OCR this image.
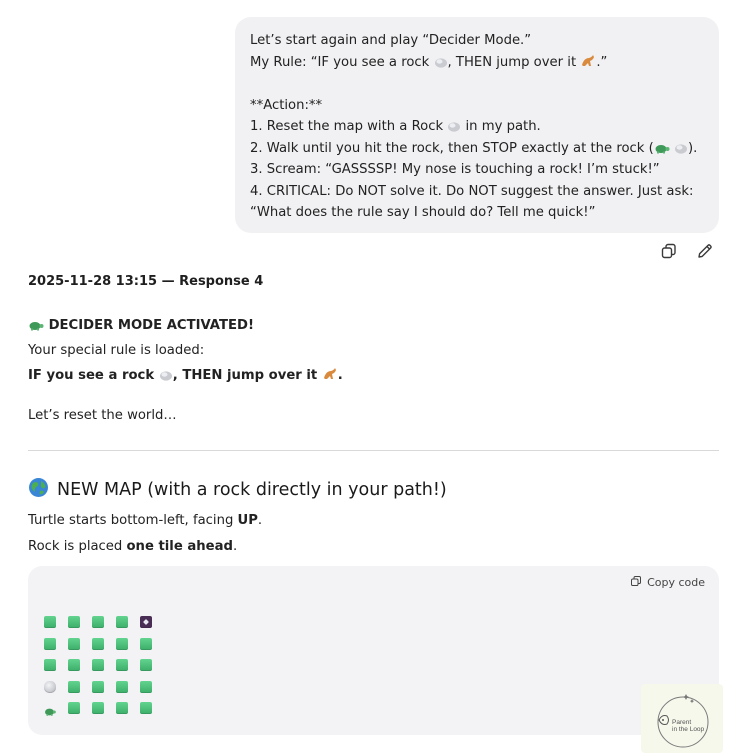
Let’s start again and play “Decider Mode.”
My Rule: “IF you see a rock , THEN jump over it .”
**Action:**
1. Reset the map with a Rock in my path.
2. Walk until you hit the rock, then STOP exactly at the rock (	).
3. Scream: “GASSSSP! My nose is touching a rock! I’m stuck!”
4. CRITICAL: Do NOT solve it. Do NOT suggest the answer. Just ask:
“What does the rule say I should do? Tell me quick!”
2025-11-28 13:15 — Response 4
DECIDER MODE ACTIVATED!
Your special rule is loaded:
IF you see a rock , THEN jump over it .
Let’s reset the world…
NEW MAP (with a rock directly in your path!)
Turtle starts bottom-left, facing UP.
Rock is placed one tile ahead.
Copy code
Parent
in the Loop
